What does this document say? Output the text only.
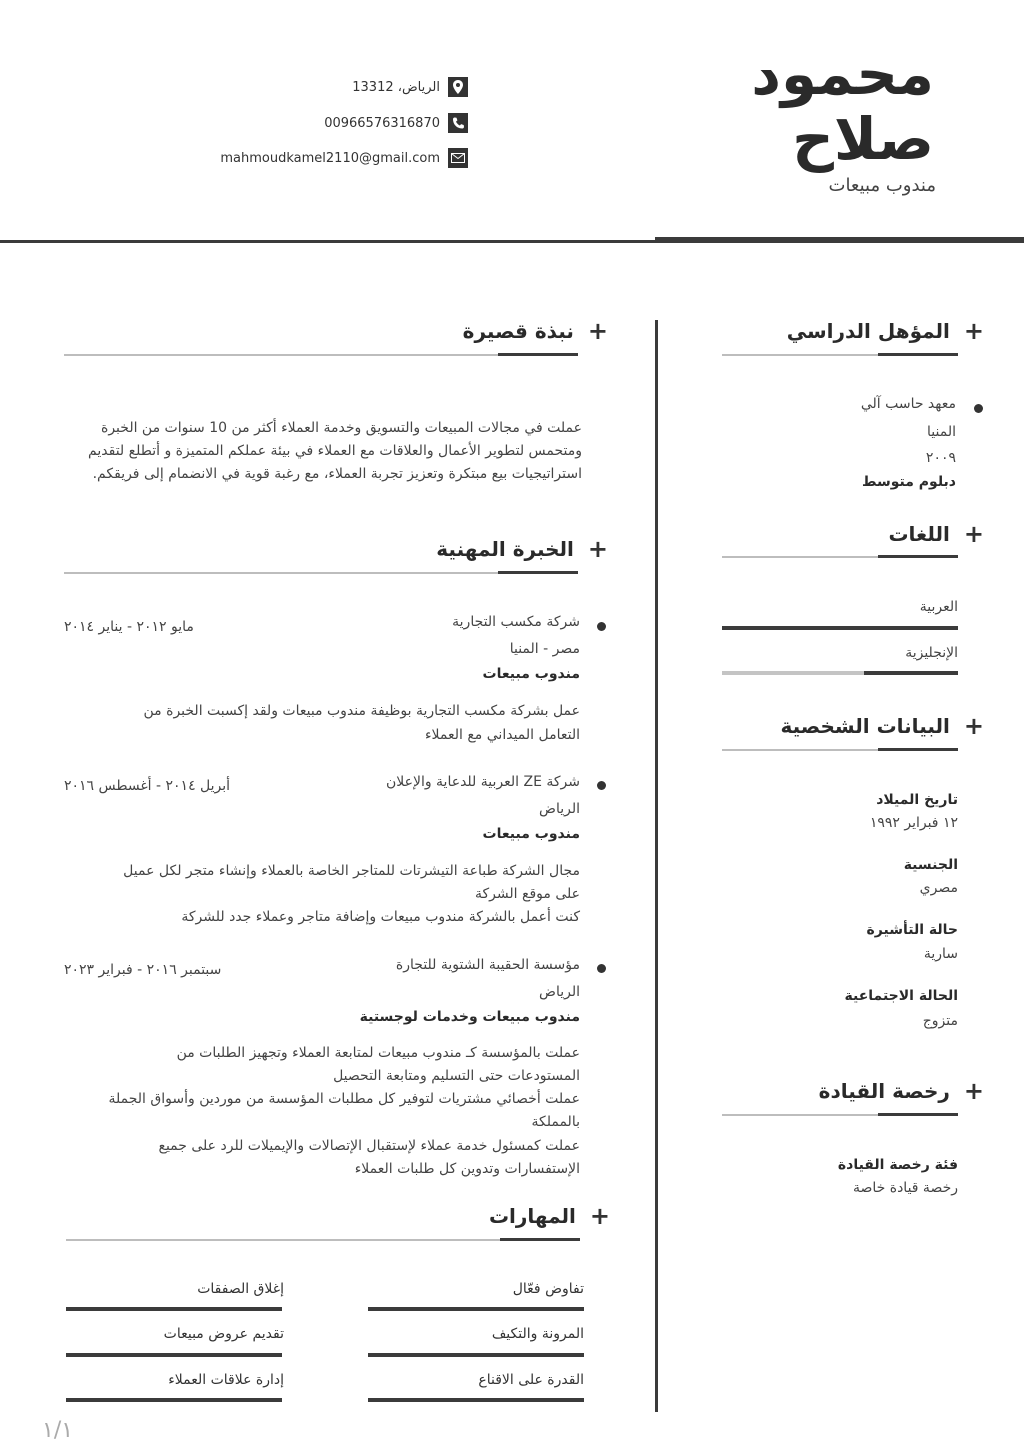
محمود
صلاح
مندوب مبيعات
الرياض، 13312
00966576316870
mahmoudkamel2110@gmail.com
+
المؤهل الدراسي
معهد حاسب آلي
المنيا
٢٠٠٩
دبلوم متوسط
+
اللغات
العربية
الإنجليزية
+
البيانات الشخصية
تاريخ الميلاد
١٢ فبراير ١٩٩٢
الجنسية
مصري
حالة التأشيرة
سارية
الحالة الاجتماعية
متزوج
+
رخصة القيادة
فئة رخصة القيادة
رخصة قيادة خاصة
+
نبذة قصيرة
عملت في مجالات المبيعات والتسويق وخدمة العملاء أكثر من 10 سنوات من الخبرة ومتحمس لتطوير الأعمال والعلاقات مع العملاء في بيئة عملكم المتميزة و أتطلع لتقديم استراتيجيات بيع مبتكرة وتعزيز تجربة العملاء، مع رغبة قوية في الانضمام إلى فريقكم.
+
الخبرة المهنية
شركة مكسب التجارية
مايو ٢٠١٢ - يناير ٢٠١٤
مصر - المنيا
مندوب مبيعات
عمل بشركة مكسب التجارية بوظيفة مندوب مبيعات ولقد إكسبت الخبرة من
التعامل الميداني مع العملاء
شركة ZE العربية للدعاية والإعلان
أبريل ٢٠١٤ - أغسطس ٢٠١٦
الرياض
مندوب مبيعات
مجال الشركة طباعة التيشرتات للمتاجر الخاصة بالعملاء وإنشاء متجر لكل عميل
على موقع الشركة
كنت أعمل بالشركة مندوب مبيعات وإضافة متاجر وعملاء جدد للشركة
مؤسسة الحقيبة الشتوية للتجارة
سبتمبر ٢٠١٦ - فبراير ٢٠٢٣
الرياض
مندوب مبيعات وخدمات لوجستية
عملت بالمؤسسة كـ مندوب مبيعات لمتابعة العملاء وتجهيز الطلبات من
المستودعات حتى التسليم ومتابعة التحصيل
عملت أخصائي مشتريات لتوفير كل مطلبات المؤسسة من موردين وأسواق الجملة
بالمملكة
عملت كمسئول خدمة عملاء لإستقبال الإتصالات والإيميلات للرد على جميع
الإستفسارات وتدوين كل طلبات العملاء
+
المهارات
تفاوض فعّال
إغلاق الصفقات
المرونة والتكيف
تقديم عروض مبيعات
القدرة على الاقناع
إدارة علاقات العملاء
١/١
